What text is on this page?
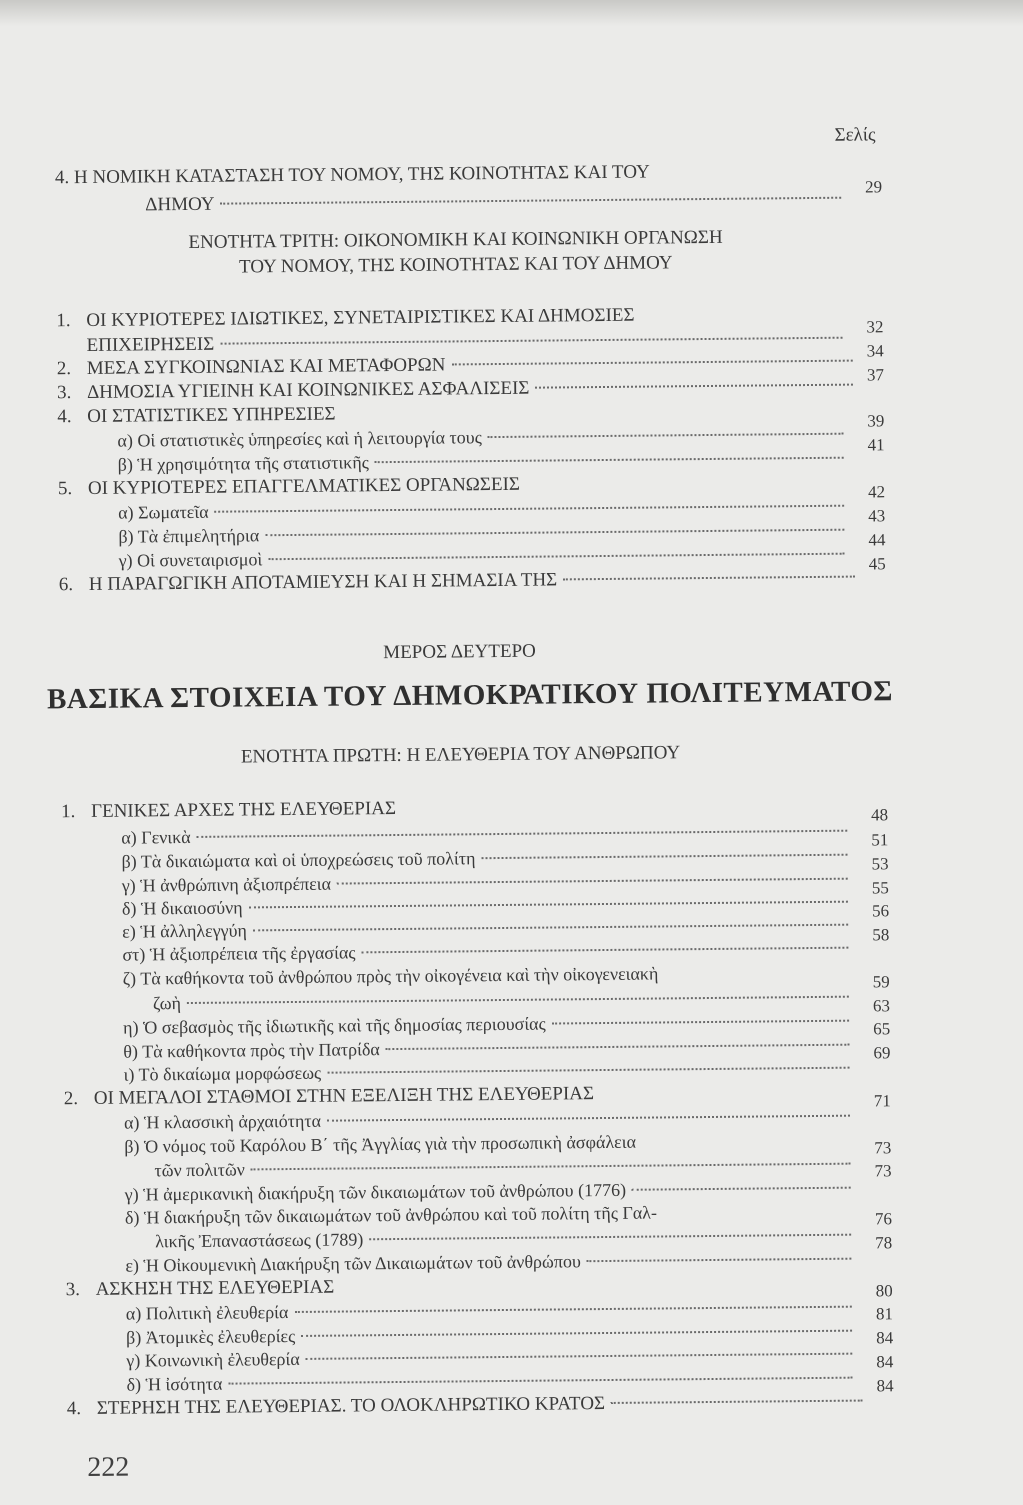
Σελίς
4. Η ΝΟΜΙΚΗ ΚΑΤΑΣΤΑΣΗ ΤΟΥ ΝΟΜΟΥ, ΤΗΣ ΚΟΙΝΟΤΗΤΑΣ ΚΑΙ ΤΟΥ
ΔΗΜΟΥ
29
ΕΝΟΤΗΤΑ ΤΡΙΤΗ: ΟΙΚΟΝΟΜΙΚΗ ΚΑΙ ΚΟΙΝΩΝΙΚΗ ΟΡΓΑΝΩΣΗ
ΤΟΥ ΝΟΜΟΥ, ΤΗΣ ΚΟΙΝΟΤΗΤΑΣ ΚΑΙ ΤΟΥ ΔΗΜΟΥ
1. ΟΙ ΚΥΡΙΟΤΕΡΕΣ ΙΔΙΩΤΙΚΕΣ, ΣΥΝΕΤΑΙΡΙΣΤΙΚΕΣ ΚΑΙ ΔΗΜΟΣΙΕΣ
ΕΠΙΧΕΙΡΗΣΕΙΣ
32
2. ΜΕΣΑ ΣΥΓΚΟΙΝΩΝΙΑΣ ΚΑΙ ΜΕΤΑΦΟΡΩΝ
34
3. ΔΗΜΟΣΙΑ ΥΓΙΕΙΝΗ ΚΑΙ ΚΟΙΝΩΝΙΚΕΣ ΑΣΦΑΛΙΣΕΙΣ
37
4. ΟΙ ΣΤΑΤΙΣΤΙΚΕΣ ΥΠΗΡΕΣΙΕΣ
α) Οἱ στατιστικὲς ὑπηρεσίες καὶ ἡ λειτουργία τους
39
β) Ἡ χρησιμότητα τῆς στατιστικῆς
41
5. ΟΙ ΚΥΡΙΟΤΕΡΕΣ ΕΠΑΓΓΕΛΜΑΤΙΚΕΣ ΟΡΓΑΝΩΣΕΙΣ
α) Σωματεῖα
42
β) Τὰ ἐπιμελητήρια
43
γ) Οἱ συνεταιρισμοὶ
44
6. Η ΠΑΡΑΓΩΓΙΚΗ ΑΠΟΤΑΜΙΕΥΣΗ ΚΑΙ Η ΣΗΜΑΣΙΑ ΤΗΣ
45
ΜΕΡΟΣ ΔΕΥΤΕΡΟ
ΒΑΣΙΚΑ ΣΤΟΙΧΕΙΑ ΤΟΥ ΔΗΜΟΚΡΑΤΙΚΟΥ ΠΟΛΙΤΕΥΜΑΤΟΣ
ΕΝΟΤΗΤΑ ΠΡΩΤΗ: Η ΕΛΕΥΘΕΡΙΑ ΤΟΥ ΑΝΘΡΩΠΟΥ
1. ΓΕΝΙΚΕΣ ΑΡΧΕΣ ΤΗΣ ΕΛΕΥΘΕΡΙΑΣ
α) Γενικὰ
48
β) Τὰ δικαιώματα καὶ οἱ ὑποχρεώσεις τοῦ πολίτη
51
γ) Ἡ ἀνθρώπινη ἀξιοπρέπεια
53
δ) Ἡ δικαιοσύνη
55
ε) Ἡ ἀλληλεγγύη
56
στ) Ἡ ἀξιοπρέπεια τῆς ἐργασίας
58
ζ) Τὰ καθήκοντα τοῦ ἀνθρώπου πρὸς τὴν οἰκογένεια καὶ τὴν οἰκογενειακὴ
ζωὴ
59
η) Ὁ σεβασμὸς τῆς ἰδιωτικῆς καὶ τῆς δημοσίας περιουσίας
63
θ) Τὰ καθήκοντα πρὸς τὴν Πατρίδα
65
ι) Τὸ δικαίωμα μορφώσεως
69
2. ΟΙ ΜΕΓΑΛΟΙ ΣΤΑΘΜΟΙ ΣΤΗΝ ΕΞΕΛΙΞΗ ΤΗΣ ΕΛΕΥΘΕΡΙΑΣ
α) Ἡ κλασσικὴ ἀρχαιότητα
71
β) Ὁ νόμος τοῦ Καρόλου Β΄ τῆς Ἀγγλίας γιὰ τὴν προσωπικὴ ἀσφάλεια
τῶν πολιτῶν
73
γ) Ἡ ἀμερικανικὴ διακήρυξη τῶν δικαιωμάτων τοῦ ἀνθρώπου (1776)
73
δ) Ἡ διακήρυξη τῶν δικαιωμάτων τοῦ ἀνθρώπου καὶ τοῦ πολίτη τῆς Γαλ-
λικῆς Ἐπαναστάσεως (1789)
76
ε) Ἡ Οἰκουμενικὴ Διακήρυξη τῶν Δικαιωμάτων τοῦ ἀνθρώπου
78
3. ΑΣΚΗΣΗ ΤΗΣ ΕΛΕΥΘΕΡΙΑΣ
α) Πολιτικὴ ἐλευθερία
80
β) Ἀτομικὲς ἐλευθερίες
81
γ) Κοινωνικὴ ἐλευθερία
84
δ) Ἡ ἰσότητα
84
4. ΣΤΕΡΗΣΗ ΤΗΣ ΕΛΕΥΘΕΡΙΑΣ. ΤΟ ΟΛΟΚΛΗΡΩΤΙΚΟ ΚΡΑΤΟΣ
84
222
